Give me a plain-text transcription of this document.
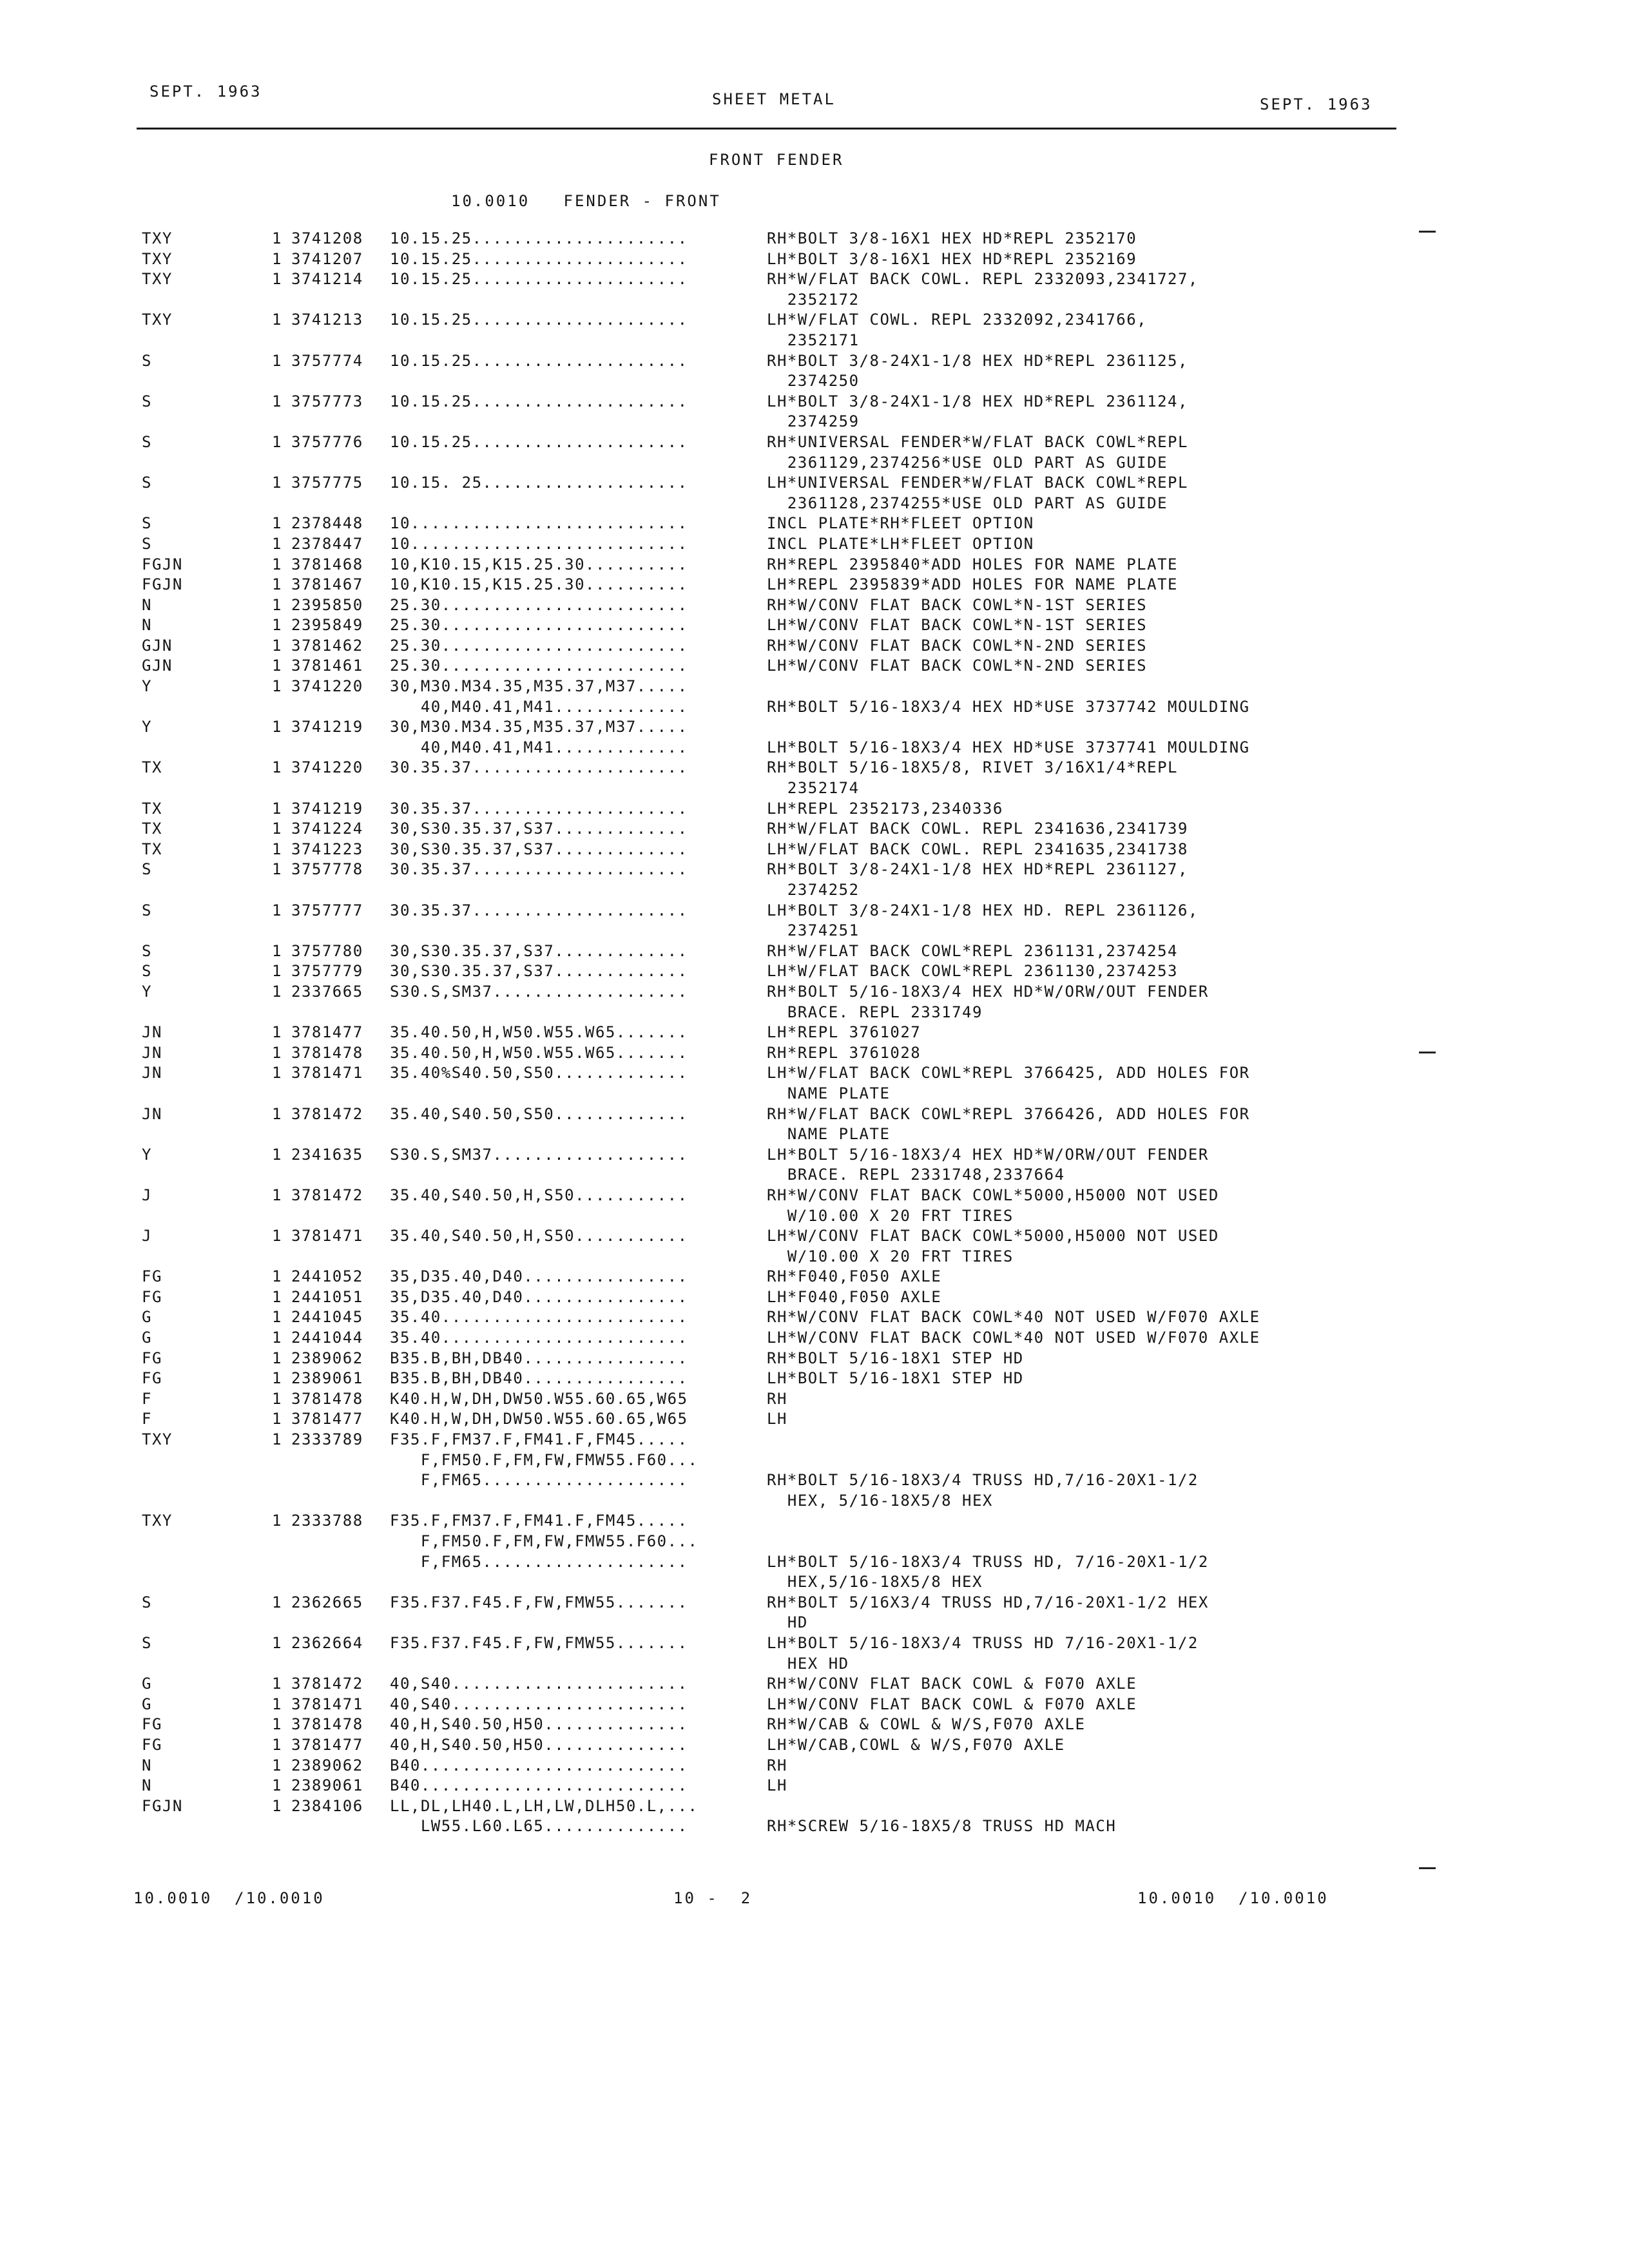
SEPT. 1963	SHEET METAL	SEPT. 1963
FRONT FENDER
10.0010   FENDER - FRONT
TXY	1 3741208 10.15.25.....................	RH*BOLT 3/8-16X1 HEX HD*REPL 2352170
TXY	1 3741207 10.15.25.....................	LH*BOLT 3/8-16X1 HEX HD*REPL 2352169
TXY	1 3741214 10.15.25.....................	RH*W/FLAT BACK COWL. REPL 2332093,2341727,
2352172
TXY	1 3741213 10.15.25.....................	LH*W/FLAT COWL. REPL 2332092,2341766,
2352171
S	1 3757774 10.15.25.....................	RH*BOLT 3/8-24X1-1/8 HEX HD*REPL 2361125,
2374250
S	1 3757773 10.15.25.....................	LH*BOLT 3/8-24X1-1/8 HEX HD*REPL 2361124,
2374259
S	1 3757776 10.15.25.....................	RH*UNIVERSAL FENDER*W/FLAT BACK COWL*REPL
2361129,2374256*USE OLD PART AS GUIDE
S	1 3757775 10.15. 25....................	LH*UNIVERSAL FENDER*W/FLAT BACK COWL*REPL
2361128,2374255*USE OLD PART AS GUIDE
S	1 2378448 10...........................	INCL PLATE*RH*FLEET OPTION
S	1 2378447 10...........................	INCL PLATE*LH*FLEET OPTION
FGJN	1 3781468 10,K10.15,K15.25.30..........	RH*REPL 2395840*ADD HOLES FOR NAME PLATE
FGJN	1 3781467 10,K10.15,K15.25.30..........	LH*REPL 2395839*ADD HOLES FOR NAME PLATE
N	1 2395850 25.30........................	RH*W/CONV FLAT BACK COWL*N-1ST SERIES
N	1 2395849 25.30........................	LH*W/CONV FLAT BACK COWL*N-1ST SERIES
GJN	1 3781462 25.30........................	RH*W/CONV FLAT BACK COWL*N-2ND SERIES
GJN	1 3781461 25.30........................	LH*W/CONV FLAT BACK COWL*N-2ND SERIES
Y	1 3741220 30,M30.M34.35,M35.37,M37.....
40,M40.41,M41.............	RH*BOLT 5/16-18X3/4 HEX HD*USE 3737742 MOULDING
Y	1 3741219 30,M30.M34.35,M35.37,M37.....
40,M40.41,M41.............	LH*BOLT 5/16-18X3/4 HEX HD*USE 3737741 MOULDING
TX	1 3741220 30.35.37.....................	RH*BOLT 5/16-18X5/8, RIVET 3/16X1/4*REPL
2352174
TX	1 3741219 30.35.37.....................	LH*REPL 2352173,2340336
TX	1 3741224 30,S30.35.37,S37.............	RH*W/FLAT BACK COWL. REPL 2341636,2341739
TX	1 3741223 30,S30.35.37,S37.............	LH*W/FLAT BACK COWL. REPL 2341635,2341738
S	1 3757778 30.35.37.....................	RH*BOLT 3/8-24X1-1/8 HEX HD*REPL 2361127,
2374252
S	1 3757777 30.35.37.....................	LH*BOLT 3/8-24X1-1/8 HEX HD. REPL 2361126,
2374251
S	1 3757780 30,S30.35.37,S37.............	RH*W/FLAT BACK COWL*REPL 2361131,2374254
S	1 3757779 30,S30.35.37,S37.............	LH*W/FLAT BACK COWL*REPL 2361130,2374253
Y	1 2337665 S30.S,SM37...................	RH*BOLT 5/16-18X3/4 HEX HD*W/ORW/OUT FENDER
BRACE. REPL 2331749
JN	1 3781477 35.40.50,H,W50.W55.W65.......	LH*REPL 3761027
JN	1 3781478 35.40.50,H,W50.W55.W65.......	RH*REPL 3761028
JN	1 3781471 35.40%S40.50,S50.............	LH*W/FLAT BACK COWL*REPL 3766425, ADD HOLES FOR
NAME PLATE
JN	1 3781472 35.40,S40.50,S50.............	RH*W/FLAT BACK COWL*REPL 3766426, ADD HOLES FOR
NAME PLATE
Y	1 2341635 S30.S,SM37...................	LH*BOLT 5/16-18X3/4 HEX HD*W/ORW/OUT FENDER
BRACE. REPL 2331748,2337664
J	1 3781472 35.40,S40.50,H,S50...........	RH*W/CONV FLAT BACK COWL*5000,H5000 NOT USED
W/10.00 X 20 FRT TIRES
J	1 3781471 35.40,S40.50,H,S50...........	LH*W/CONV FLAT BACK COWL*5000,H5000 NOT USED
W/10.00 X 20 FRT TIRES
FG	1 2441052 35,D35.40,D40................	RH*F040,F050 AXLE
FG	1 2441051 35,D35.40,D40................	LH*F040,F050 AXLE
G	1 2441045 35.40........................	RH*W/CONV FLAT BACK COWL*40 NOT USED W/F070 AXLE
G	1 2441044 35.40........................	LH*W/CONV FLAT BACK COWL*40 NOT USED W/F070 AXLE
FG	1 2389062 B35.B,BH,DB40................	RH*BOLT 5/16-18X1 STEP HD
FG	1 2389061 B35.B,BH,DB40................	LH*BOLT 5/16-18X1 STEP HD
F	1 3781478 K40.H,W,DH,DW50.W55.60.65,W65	RH
F	1 3781477 K40.H,W,DH,DW50.W55.60.65,W65	LH
TXY	1 2333789 F35.F,FM37.F,FM41.F,FM45.....
F,FM50.F,FM,FW,FMW55.F60...
F,FM65....................	RH*BOLT 5/16-18X3/4 TRUSS HD,7/16-20X1-1/2
HEX, 5/16-18X5/8 HEX
TXY	1 2333788 F35.F,FM37.F,FM41.F,FM45.....
F,FM50.F,FM,FW,FMW55.F60...
F,FM65....................	LH*BOLT 5/16-18X3/4 TRUSS HD, 7/16-20X1-1/2
HEX,5/16-18X5/8 HEX
S	1 2362665 F35.F37.F45.F,FW,FMW55.......	RH*BOLT 5/16X3/4 TRUSS HD,7/16-20X1-1/2 HEX
HD
S	1 2362664 F35.F37.F45.F,FW,FMW55.......	LH*BOLT 5/16-18X3/4 TRUSS HD 7/16-20X1-1/2
HEX HD
G	1 3781472 40,S40.......................	RH*W/CONV FLAT BACK COWL & F070 AXLE
G	1 3781471 40,S40.......................	LH*W/CONV FLAT BACK COWL & F070 AXLE
FG	1 3781478 40,H,S40.50,H50..............	RH*W/CAB & COWL & W/S,F070 AXLE
FG	1 3781477 40,H,S40.50,H50..............	LH*W/CAB,COWL & W/S,F070 AXLE
N	1 2389062 B40..........................	RH
N	1 2389061 B40..........................	LH
FGJN	1 2384106 LL,DL,LH40.L,LH,LW,DLH50.L,...
LW55.L60.L65..............	RH*SCREW 5/16-18X5/8 TRUSS HD MACH
10.0010  /10.0010	10 -  2	10.0010  /10.0010
